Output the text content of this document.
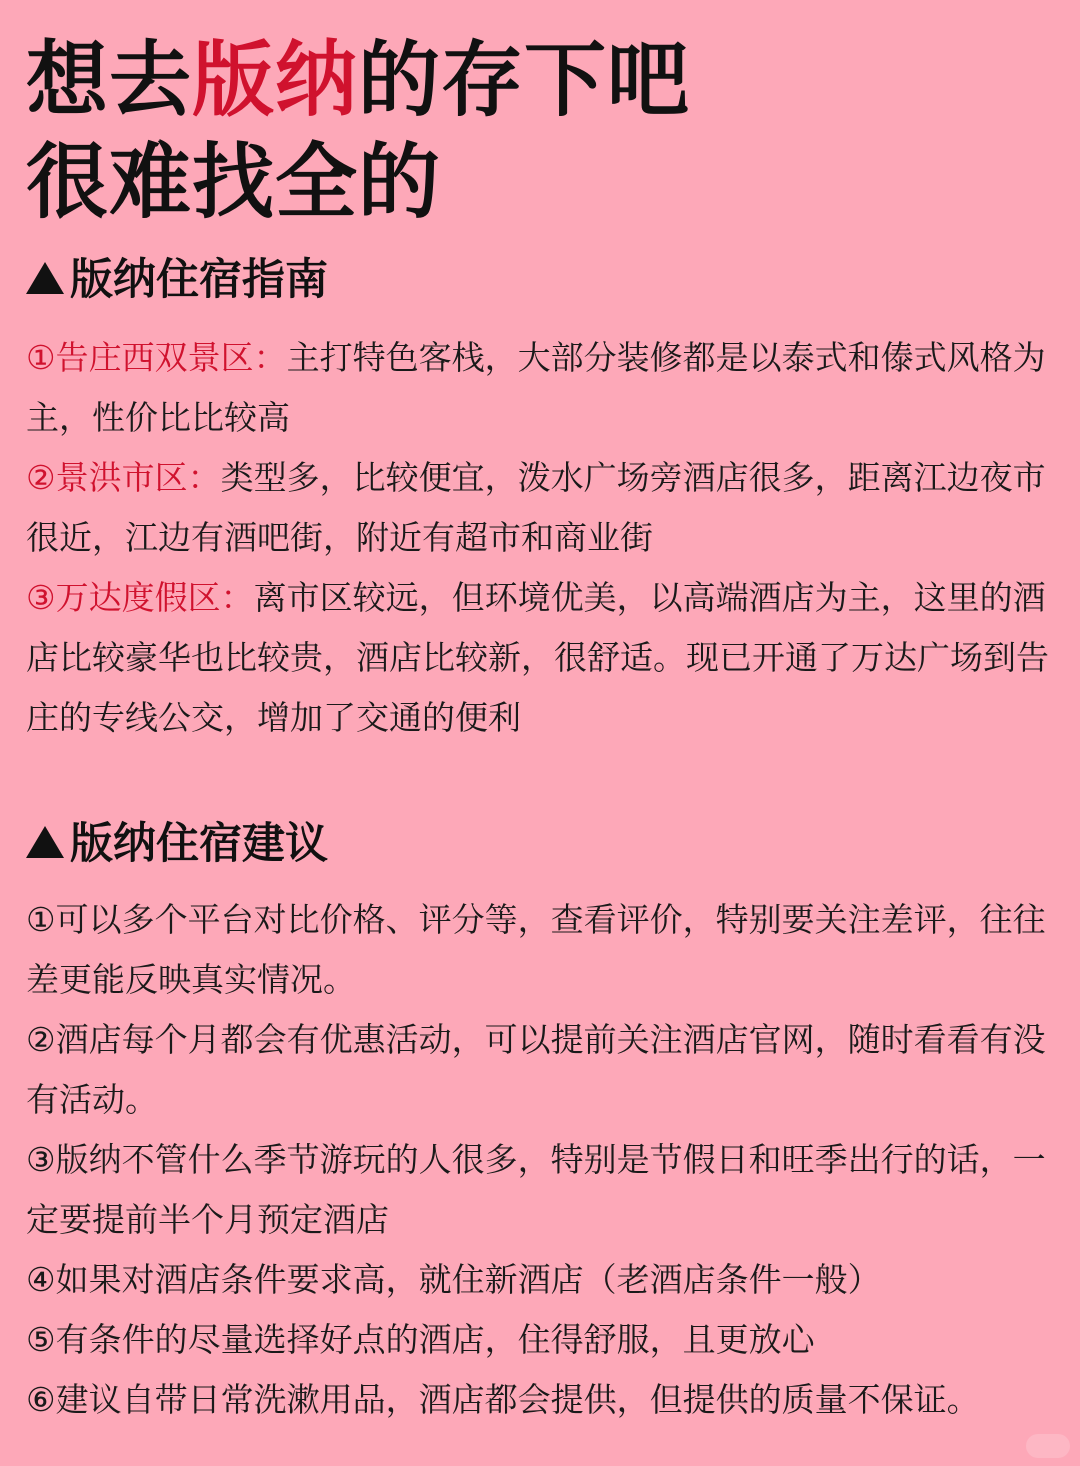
想去版纳的存下吧
很难找全的
版纳住宿指南

①告庄西双景区：主打特色客栈，大部分装修都是以泰式和傣式风格为主，性价比比较高

②景洪市区：类型多，比较便宜，泼水广场旁酒店很多，距离江边夜市很近，江边有酒吧街，附近有超市和商业街

③万达度假区：离市区较远，但环境优美，以高端酒店为主，这里的酒店比较豪华也比较贵，酒店比较新，很舒适。现已开通了万达广场到告庄的专线公交，增加了交通的便利

版纳住宿建议

①可以多个平台对比价格、评分等，查看评价，特别要关注差评，往往差更能反映真实情况。

②酒店每个月都会有优惠活动，可以提前关注酒店官网，随时看看有没有活动。

③版纳不管什么季节游玩的人很多，特别是节假日和旺季出行的话，一定要提前半个月预定酒店

④如果对酒店条件要求高，就住新酒店（老酒店条件一般）

⑤有条件的尽量选择好点的酒店，住得舒服，且更放心

⑥建议自带日常洗漱用品，酒店都会提供，但提供的质量不保证。
